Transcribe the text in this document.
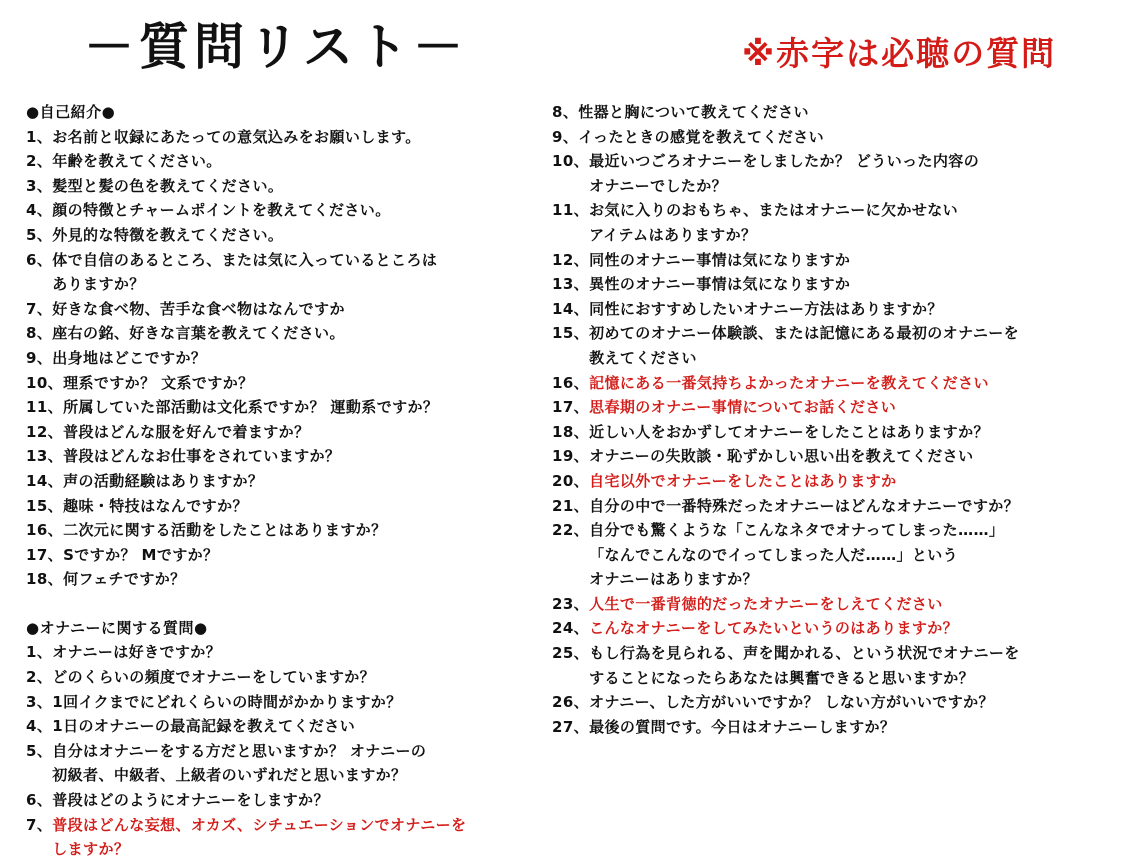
－質問リスト－	※赤字は必聴の質問
●自己紹介●
1、 お名前と収録にあたっての意気込みをお願いします。
2、 年齢を教えてください。
3、 髪型と髪の色を教えてください。
4、 顔の特徴とチャームポイントを教えてください。
5、 外見的な特徴を教えてください。
6、 体で自信のあるところ、または気に入っているところは
ありますか？
7、 好きな食べ物、苦手な食べ物はなんですか
8、 座右の銘、好きな言葉を教えてください。
9、 出身地はどこですか？
10、 理系ですか？ 文系ですか？
11、 所属していた部活動は文化系ですか？ 運動系ですか？
12、 普段はどんな服を好んで着ますか？
13、 普段はどんなお仕事をされていますか？
14、 声の活動経験はありますか？
15、 趣味・特技はなんですか？
16、 二次元に関する活動をしたことはありますか？
17、 Sですか？ Mですか？
18、 何フェチですか？
●オナニーに関する質問●
1、 オナニーは好きですか？
2、 どのくらいの頻度でオナニーをしていますか？
3、 1回イクまでにどれくらいの時間がかかりますか？
4、 1日のオナニーの最高記録を教えてください
5、 自分はオナニーをする方だと思いますか？ オナニーの
初級者、中級者、上級者のいずれだと思いますか？
6、 普段はどのようにオナニーをしますか？
7、 普段はどんな妄想、オカズ、シチュエーションでオナニーを
しますか？
8、 性器と胸について教えてください
9、 イったときの感覚を教えてください
10、 最近いつごろオナニーをしましたか？ どういった内容の
オナニーでしたか？
11、 お気に入りのおもちゃ、またはオナニーに欠かせない
アイテムはありますか？
12、 同性のオナニー事情は気になりますか
13、 異性のオナニー事情は気になりますか
14、 同性におすすめしたいオナニー方法はありますか？
15、 初めてのオナニー体験談、または記憶にある最初のオナニーを
教えてください
16、 記憶にある一番気持ちよかったオナニーを教えてください
17、 思春期のオナニー事情についてお話ください
18、 近しい人をおかずしてオナニーをしたことはありますか？
19、 オナニーの失敗談・恥ずかしい思い出を教えてください
20、 自宅以外でオナニーをしたことはありますか
21、 自分の中で一番特殊だったオナニーはどんなオナニーですか？
22、 自分でも驚くような「こんなネタでオナってしまった……」
「なんでこんなのでイってしまった人だ……」という
オナニーはありますか？
23、 人生で一番背徳的だったオナニーをしえてください
24、 こんなオナニーをしてみたいというのはありますか？
25、 もし行為を見られる、声を聞かれる、という状況でオナニーを
することになったらあなたは興奮できると思いますか？
26、 オナニー、した方がいいですか？ しない方がいいですか？
27、 最後の質問です。今日はオナニーしますか？
